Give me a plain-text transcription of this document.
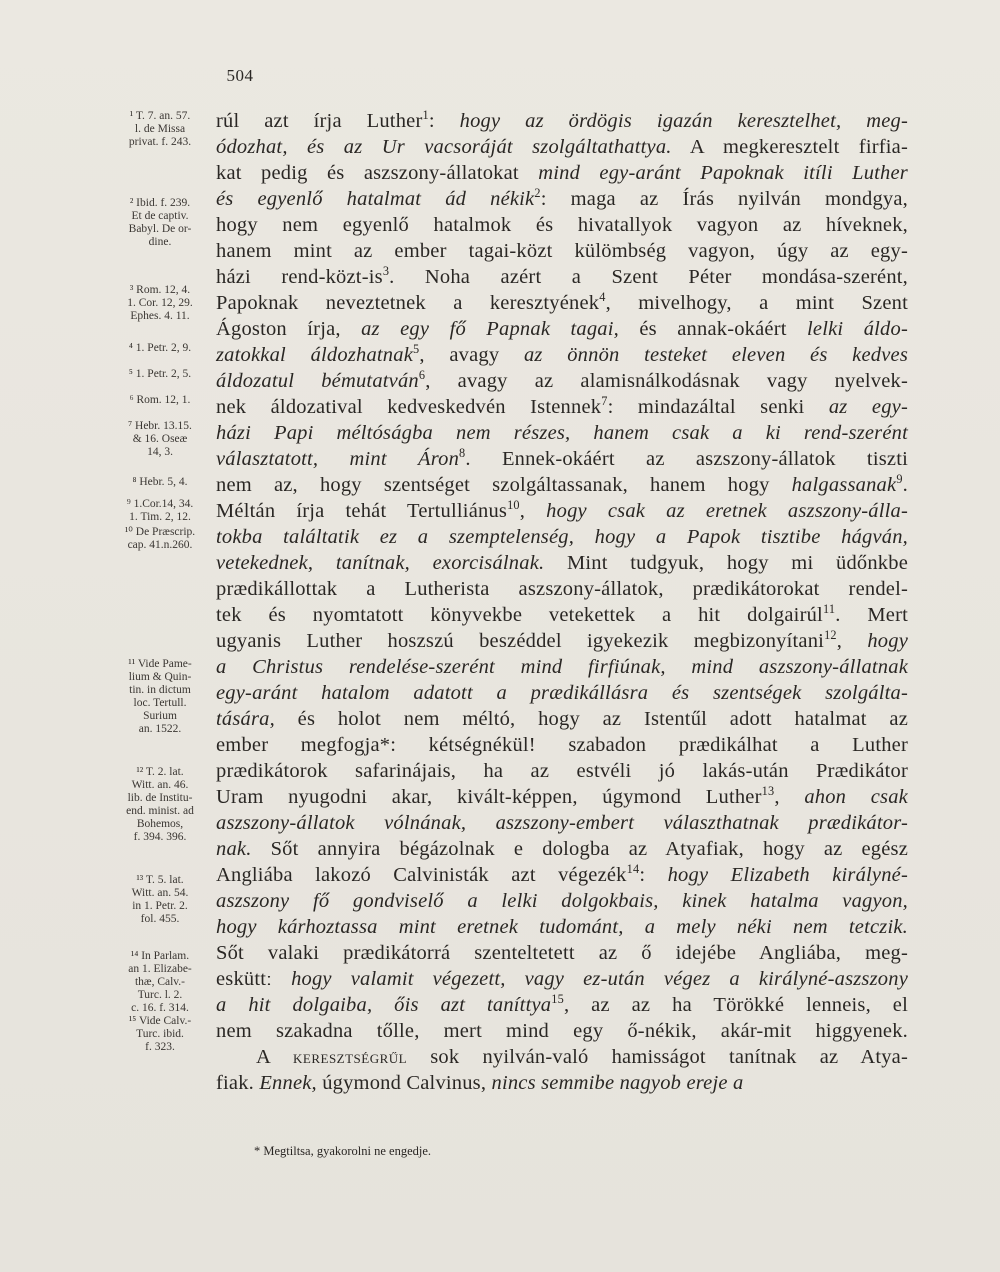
504
¹ T. 7. an. 57.
l. de Missa
privat. f. 243.
² Ibid. f. 239.
Et de captiv.
Babyl. De or-
dine.
³ Rom. 12, 4.
1. Cor. 12, 29.
Ephes. 4. 11.
⁴ 1. Petr. 2, 9.
⁵ 1. Petr. 2, 5.
⁶ Rom. 12, 1.
⁷ Hebr. 13.15.
& 16. Oseæ
14, 3.
⁸ Hebr. 5, 4.
⁹ 1.Cor.14, 34.
1. Tim. 2, 12.
¹⁰ De Præscrip.
cap. 41.n.260.
¹¹ Vide Pame-
lium & Quin-
tin. in dictum
loc. Tertull.
Surium
an. 1522.
¹² T. 2. lat.
Witt. an. 46.
lib. de Institu-
end. minist. ad
Bohemos,
f. 394. 396.
¹³ T. 5. lat.
Witt. an. 54.
in 1. Petr. 2.
fol. 455.
¹⁴ In Parlam.
an 1. Elizabe-
thæ, Calv.-
Turc. l. 2.
c. 16. f. 314.
¹⁵ Vide Calv.-
Turc. ibid.
f. 323.
rúl azt írja Luther$^1$: hogy az ördögis igazán keresztelhet, meg-
ódozhat, és az Ur vacsoráját szolgáltathattya. A megkeresztelt firfia-
kat pedig és aszszony-állatokat mind egy-aránt Papoknak itíli Luther
és egyenlő hatalmat ád nékik$^2$: maga az Írás nyilván mondgya,
hogy nem egyenlő hatalmok és hivatallyok vagyon az híveknek,
hanem mint az ember tagai-közt külömbség vagyon, úgy az egy-
házi rend-$közt-is^3$. Noha azért a Szent Péter mondása-szerént,
Papoknak neveztetnek a keresztyének$^4$, mivelhogy, a mint Szent
Ágoston írja, az egy fő Papnak tagai, és annak-okáért lelki áldo-
zatokkal áldozhatnak$^5$, avagy az önnön testeket eleven és kedves
áldozatul bémutatván$^6$, avagy az alamisnálkodásnak vagy nyelvek-
nek áldozatival kedveskedvén Istennek$^7$: mindazáltal senki az egy-
házi Papi méltóságba nem részes, hanem csak a ki rend-szerént
választatott, mint Áron$^8$. Ennek-okáért az aszszony-állatok tiszti
nem az, hogy szentséget szolgáltassanak, hanem hogy halgassanak$^9$.
Méltán írja tehát Tertulliánus$^{10}$, hogy csak az eretnek aszszony-álla-
tokba találtatik ez a szemptelenség, hogy a Papok tisztibe hágván,
vetekednek, tanítnak, exorcisálnak. Mint tudgyuk, hogy mi üdőnkbe
prædikállottak a Lutherista aszszony-állatok, prædikátorokat rendel-
tek és nyomtatott könyvekbe vetekettek a hit dolgairúl$^{11}$. Mert
ugyanis Luther hoszszú beszéddel igyekezik megbizonyítani$^{12}$, hogy
a Christus rendelése-szerént mind firfiúnak, mind aszszony-állatnak
egy-aránt hatalom adatott a prædikállásra és szentségek szolgálta-
tására, és holot nem méltó, hogy az Istentűl adott hatalmat az
ember megfogja*: kétségnékül! szabadon prædikálhat a Luther
prædikátorok safarinájais, ha az estvéli jó lakás-után Prædikátor
Uram nyugodni akar, kivált-képpen, úgymond Luther$^{13}$, ahon csak
aszszony-állatok vólnának, aszszony-embert választhatnak prædikátor-
nak. Sőt annyira bégázolnak e dologba az Atyafiak, hogy az egész
Angliába lakozó Calvinisták azt végezék$^{14}$: hogy Elizabeth királyné-
aszszony fő gondviselő a lelki dolgokbais, kinek hatalma vagyon,
hogy kárhoztassa mint eretnek tudománt, a mely néki nem tetczik.
Sőt valaki prædikátorrá szenteltetett az ő idejébe Angliába, meg-
esküttː hogy valamit végezett, vagy ez-után végez a királyné-aszszony
a hit dolgaiba, őis azt taníttya$^{15}$, az az ha Törökké lenneis, el
nem szakadna tőlle, mert mind egy ő-nékik, akár-mit higgyenek.
A keresztségrűl sok nyilván-való hamisságot tanítnak az Atya-
fiak. Ennek, úgymond Calvinus, nincs semmibe nagyob ereje a
* Megtiltsa, gyakorolni ne engedje.
